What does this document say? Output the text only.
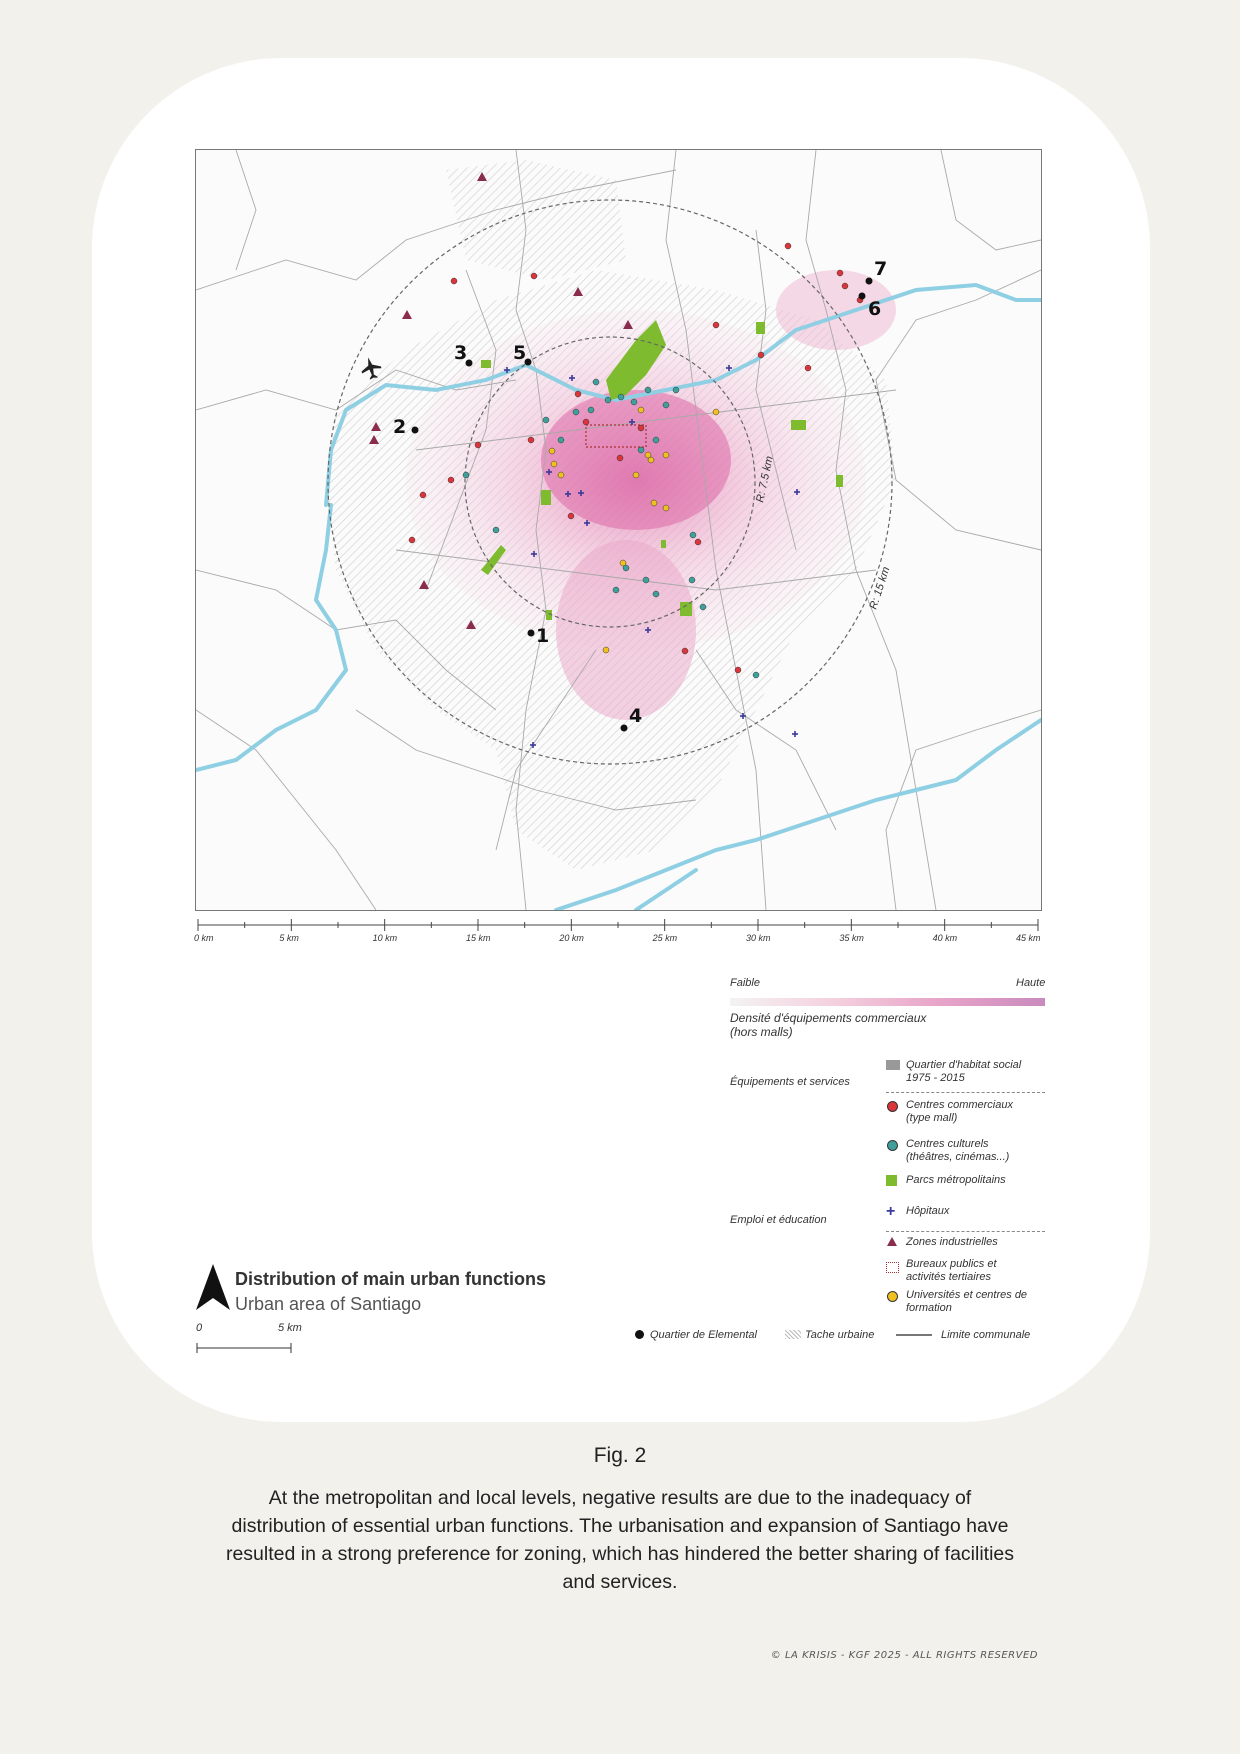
R: 7.5 km
R: 15 km
1
2
3
4
5
6
7
0 km	5 km	10 km	15 km	20 km	25 km	30 km	35 km	40 km	45 km
Faible	Haute
Densité d'équipements commerciaux
(hors malls)
Équipements et services
Emploi et éducation
Quartier d'habitat social
1975 - 2015
Centres commerciaux
(type mall)
Centres culturels
(théâtres, cinémas...)
Parcs métropolitains
+ Hôpitaux
Zones industrielles
Bureaux publics et
activités tertiaires
Universités et centres de
formation
Quartier de Elemental	Tache urbaine	Limite communale
Distribution of main urban functions
Urban area of Santiago
0	5 km
Fig. 2
At the metropolitan and local levels, negative results are due to the inadequacy of distribution of essential urban functions. The urbanisation and expansion of Santiago have resulted in a strong preference for zoning, which has hindered the better sharing of facilities and services.
© LA KRISIS - KGF 2025 - ALL RIGHTS RESERVED
